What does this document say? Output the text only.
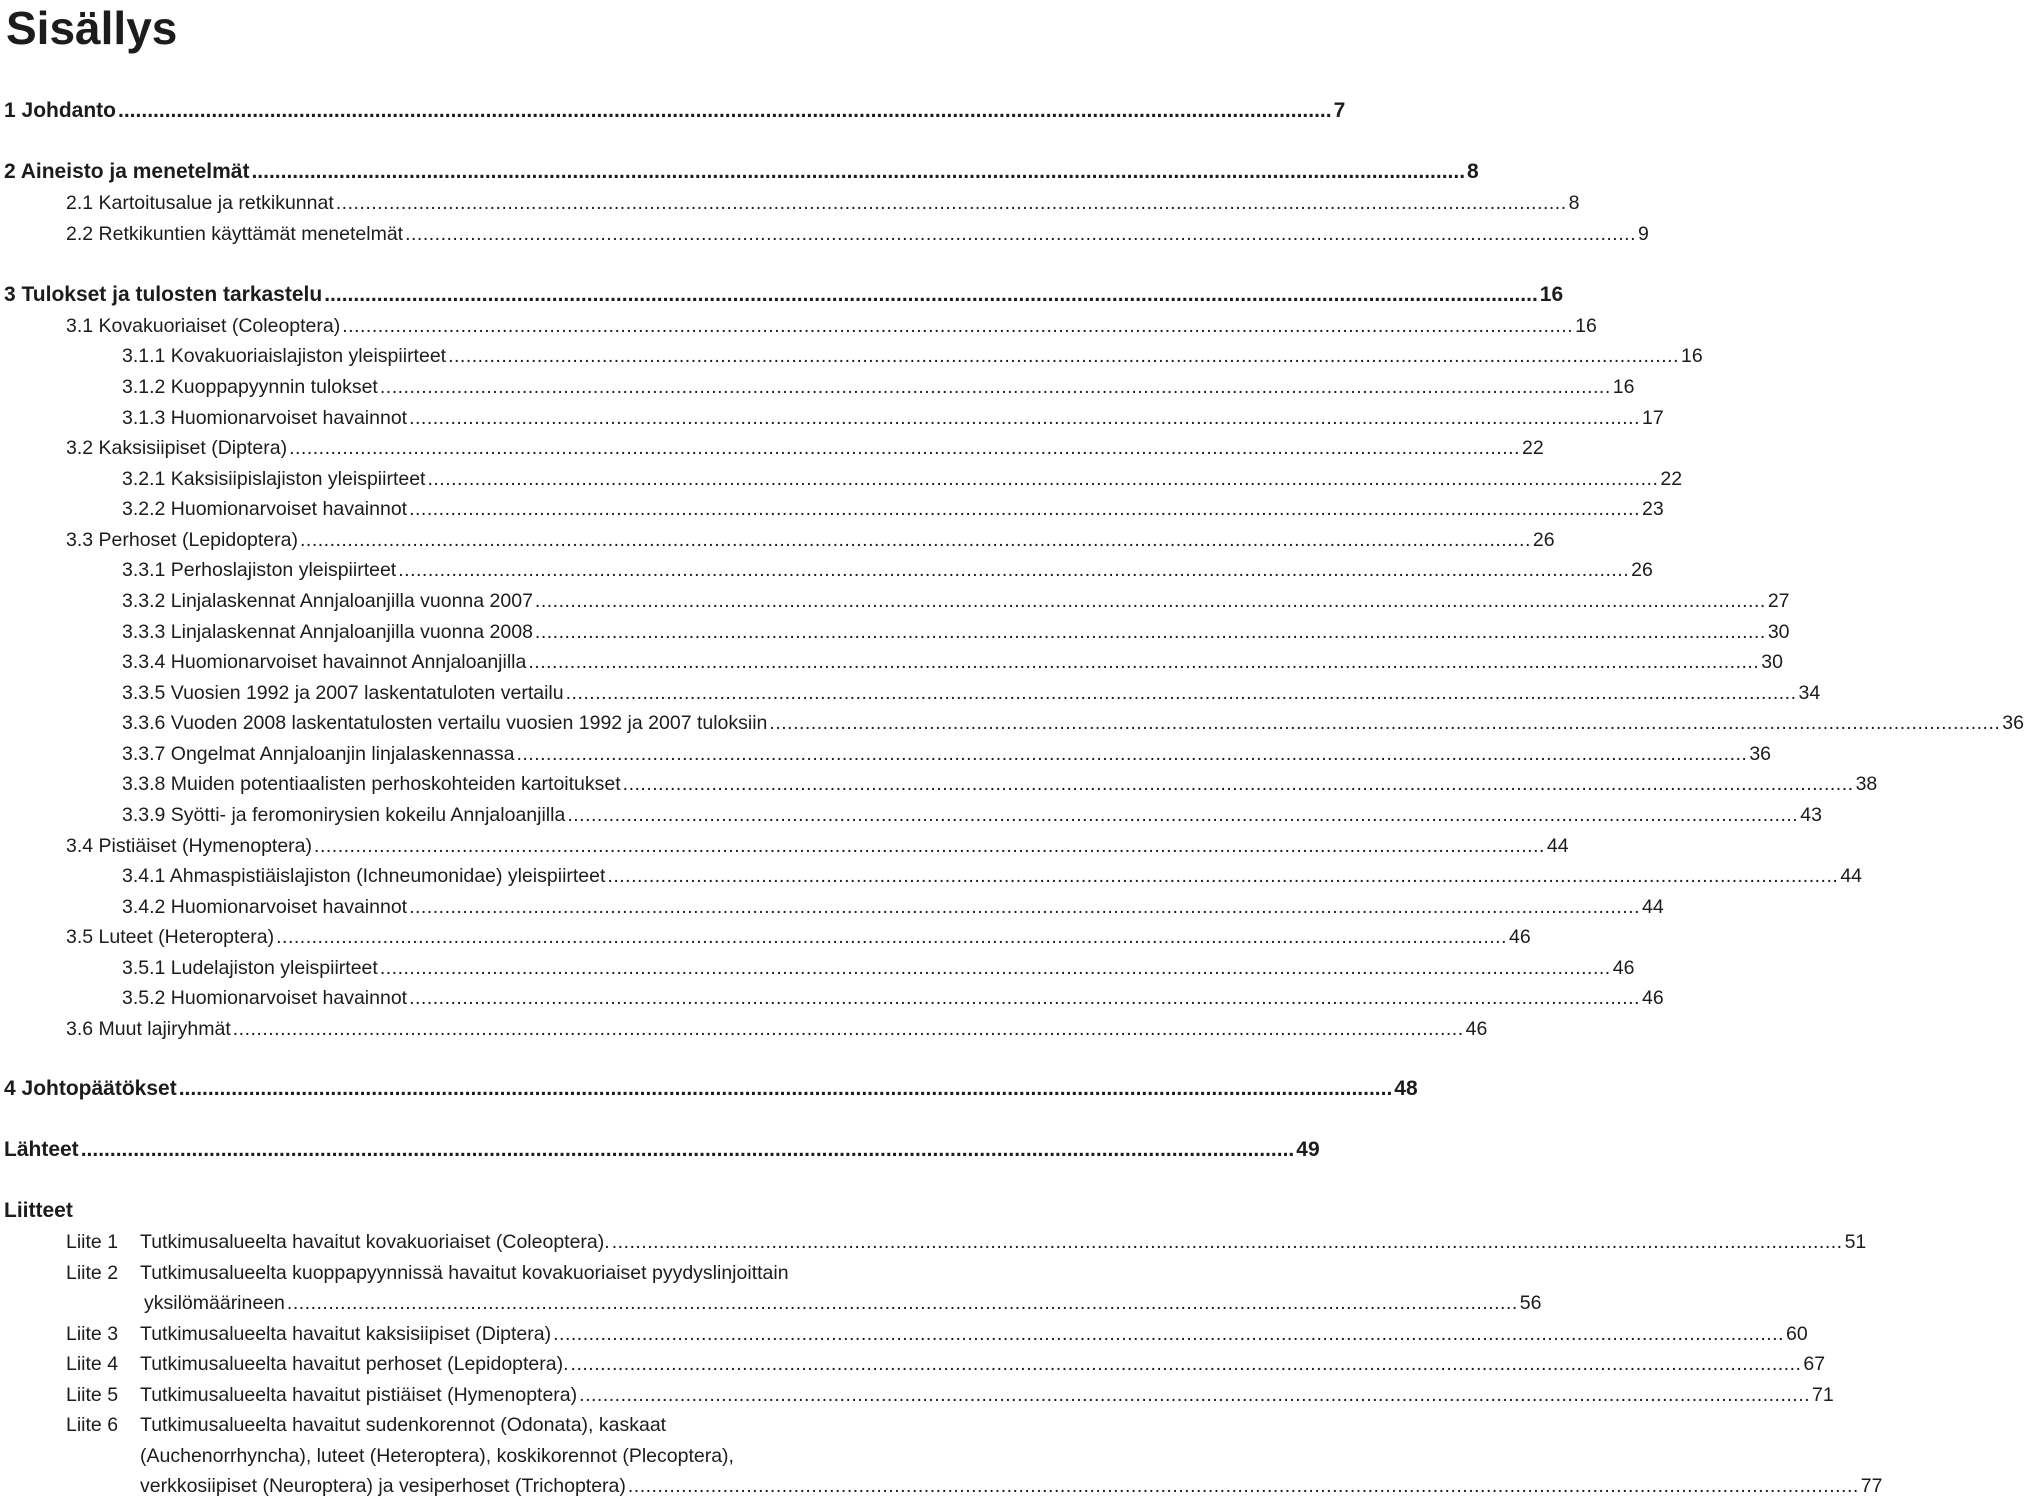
Sisällys
1 Johdanto ................................................................................................................................................................................................................ 7
2 Aineisto ja menetelmät ................................................................................................................................................................................................................ 8
2.1 Kartoitusalue ja retkikunnat ................................................................................................................................................................................................................ 8
2.2 Retkikuntien käyttämät menetelmät ................................................................................................................................................................................................................ 9
3 Tulokset ja tulosten tarkastelu ................................................................................................................................................................................................................ 16
3.1 Kovakuoriaiset (Coleoptera) ................................................................................................................................................................................................................ 16
3.1.1 Kovakuoriaislajiston yleispiirteet ................................................................................................................................................................................................................ 16
3.1.2 Kuoppapyynnin tulokset ................................................................................................................................................................................................................ 16
3.1.3 Huomionarvoiset havainnot ................................................................................................................................................................................................................ 17
3.2 Kaksisiipiset (Diptera) ................................................................................................................................................................................................................ 22
3.2.1 Kaksisiipislajiston yleispiirteet ................................................................................................................................................................................................................ 22
3.2.2 Huomionarvoiset havainnot ................................................................................................................................................................................................................ 23
3.3 Perhoset (Lepidoptera) ................................................................................................................................................................................................................ 26
3.3.1 Perhoslajiston yleispiirteet ................................................................................................................................................................................................................ 26
3.3.2 Linjalaskennat Annjaloanjilla vuonna 2007 ................................................................................................................................................................................................................ 27
3.3.3 Linjalaskennat Annjaloanjilla vuonna 2008 ................................................................................................................................................................................................................ 30
3.3.4 Huomionarvoiset havainnot Annjaloanjilla ................................................................................................................................................................................................................ 30
3.3.5 Vuosien 1992 ja 2007 laskentatuloten vertailu ................................................................................................................................................................................................................ 34
3.3.6 Vuoden 2008 laskentatulosten vertailu vuosien 1992 ja 2007 tuloksiin ................................................................................................................................................................................................................ 36
3.3.7 Ongelmat Annjaloanjin linjalaskennassa ................................................................................................................................................................................................................ 36
3.3.8 Muiden potentiaalisten perhoskohteiden kartoitukset ................................................................................................................................................................................................................ 38
3.3.9 Syötti- ja feromonirysien kokeilu Annjaloanjilla ................................................................................................................................................................................................................ 43
3.4 Pistiäiset (Hymenoptera) ................................................................................................................................................................................................................ 44
3.4.1 Ahmaspistiäislajiston (Ichneumonidae) yleispiirteet ................................................................................................................................................................................................................ 44
3.4.2 Huomionarvoiset havainnot ................................................................................................................................................................................................................ 44
3.5 Luteet (Heteroptera) ................................................................................................................................................................................................................ 46
3.5.1 Ludelajiston yleispiirteet ................................................................................................................................................................................................................ 46
3.5.2 Huomionarvoiset havainnot ................................................................................................................................................................................................................ 46
3.6 Muut lajiryhmät ................................................................................................................................................................................................................ 46
4 Johtopäätökset ................................................................................................................................................................................................................ 48
Lähteet ................................................................................................................................................................................................................ 49
Liitteet
Liite 1 Tutkimusalueelta havaitut kovakuoriaiset (Coleoptera). ................................................................................................................................................................................................................ 51
Liite 2 Tutkimusalueelta kuoppapyynnissä havaitut kovakuoriaiset pyydyslinjoittain
yksilömäärineen ................................................................................................................................................................................................................ 56
Liite 3 Tutkimusalueelta havaitut kaksisiipiset (Diptera) ................................................................................................................................................................................................................ 60
Liite 4 Tutkimusalueelta havaitut perhoset (Lepidoptera). ................................................................................................................................................................................................................ 67
Liite 5 Tutkimusalueelta havaitut pistiäiset (Hymenoptera) ................................................................................................................................................................................................................ 71
Liite 6 Tutkimusalueelta havaitut sudenkorennot (Odonata), kaskaat
(Auchenorrhyncha), luteet (Heteroptera), koskikorennot (Plecoptera),
verkkosiipiset (Neuroptera) ja vesiperhoset (Trichoptera) ................................................................................................................................................................................................................ 77
